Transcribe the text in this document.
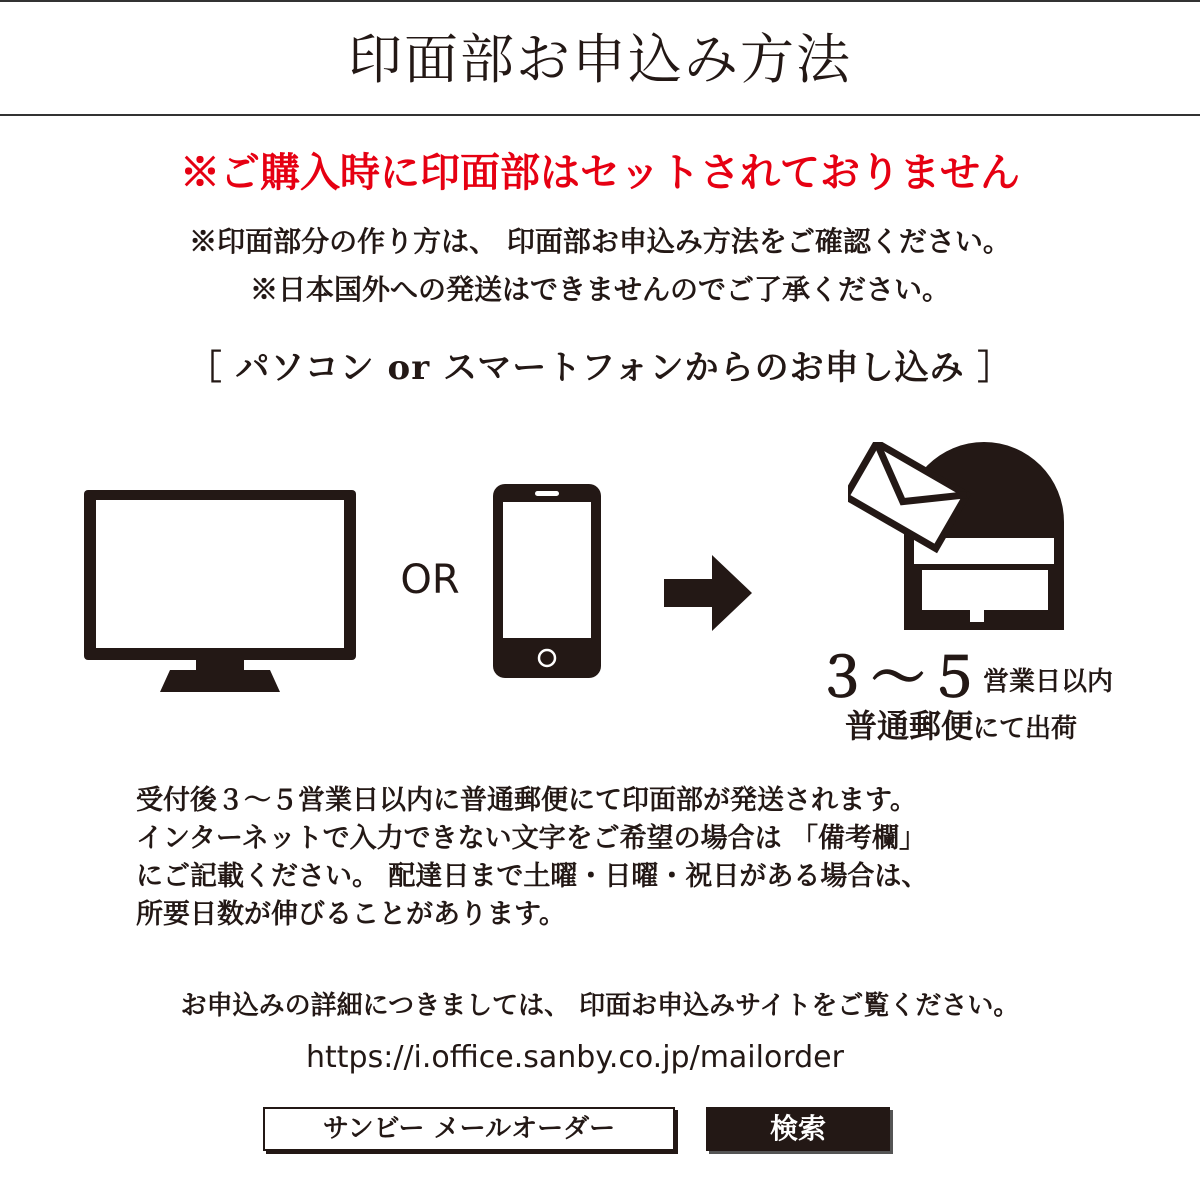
印面部お申込み方法
※ご購入時に印面部はセットされておりません
※印面部分の作り方は、 印面部お申込み方法をご確認ください。
※日本国外への発送はできませんのでご了承ください。
［ パソコン or スマートフォンからのお申し込み ］
OR
３～５営業日以内
普通郵便にて出荷
受付後３～５営業日以内に普通郵便にて印面部が発送されます。
インターネットで入力できない文字をご希望の場合は 「備考欄」
にご記載ください。 配達日まで土曜・日曜・祝日がある場合は、
所要日数が伸びることがあります。
お申込みの詳細につきましては、 印面お申込みサイトをご覧ください。
https://i.office.sanby.co.jp/mailorder
サンビー メールオーダー	検索
